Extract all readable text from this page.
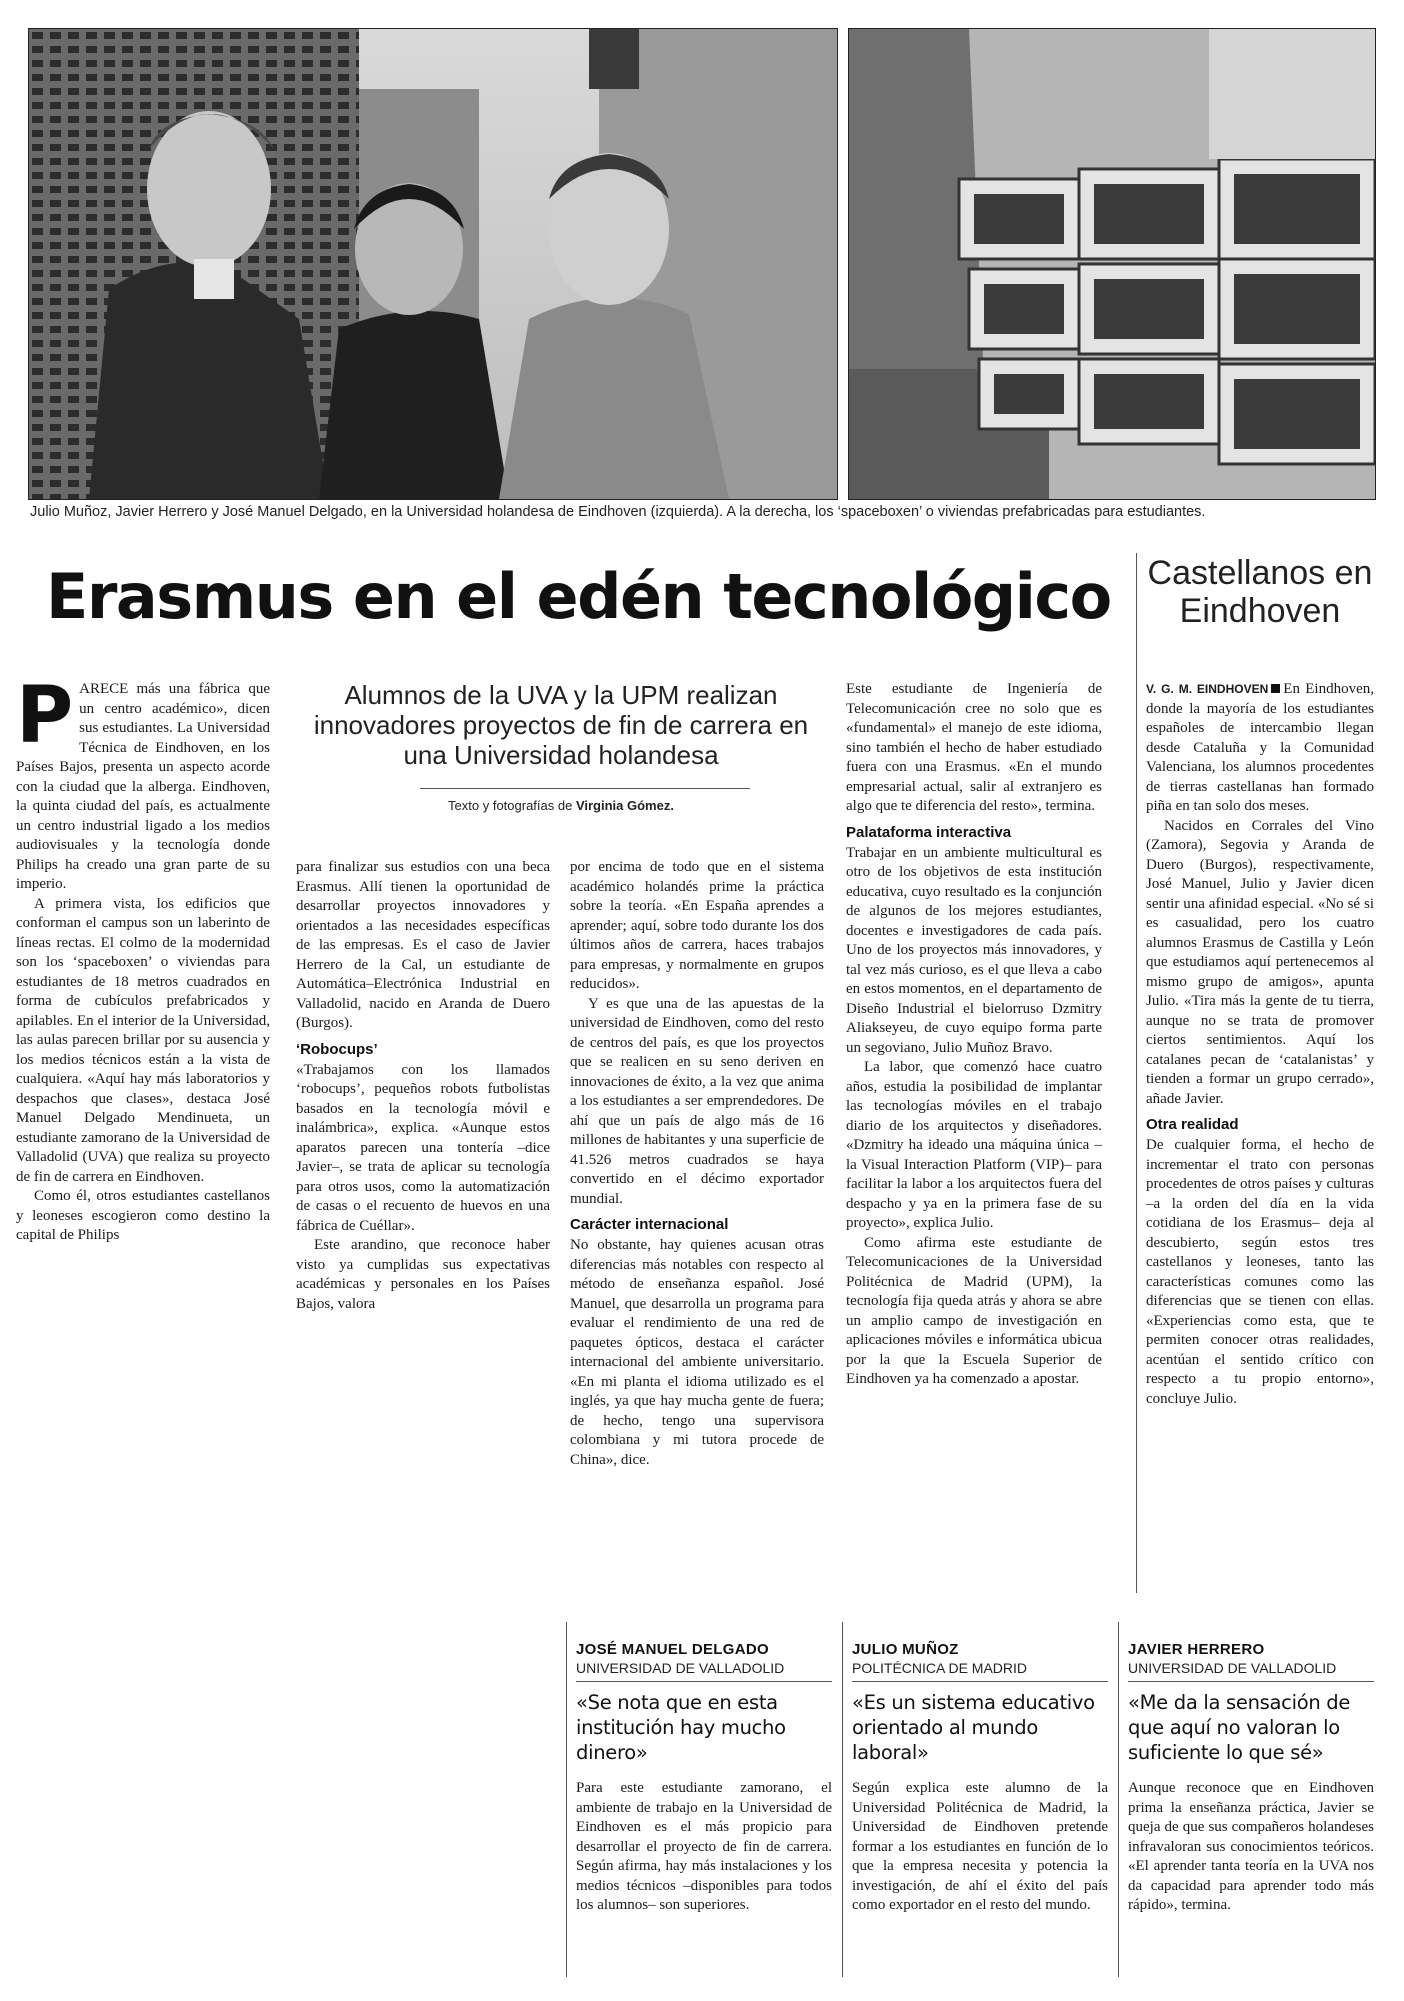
Julio Muñoz, Javier Herrero y José Manuel Delgado, en la Universidad holandesa de Eindhoven (izquierda). A la derecha, los ‘spaceboxen’ o viviendas prefabricadas para estudiantes.
Erasmus en el edén tecnológico Castellanos en Eindhoven
Alumnos de la UVA y la UPM realizan innovadores proyectos de fin de carrera en una Universidad holandesa
Texto y fotografías de Virginia Gómez.

PARECE más una fábrica que un centro académico», dicen sus estudiantes. La Universidad Técnica de Eindhoven, en los Países Bajos, presenta un aspecto acorde con la ciudad que la alberga. Eindhoven, la quinta ciudad del país, es actualmente un centro industrial ligado a los medios audiovisuales y la tecnología donde Philips ha creado una gran parte de su imperio.

A primera vista, los edificios que conforman el campus son un laberinto de líneas rectas. El colmo de la modernidad son los ‘spaceboxen’ o viviendas para estudiantes de 18 metros cuadrados en forma de cubículos prefabricados y apilables. En el interior de la Universidad, las aulas parecen brillar por su ausencia y los medios técnicos están a la vista de cualquiera. «Aquí hay más laboratorios y despachos que clases», destaca José Manuel Delgado Mendinueta, un estudiante zamorano de la Universidad de Valladolid (UVA) que realiza su proyecto de fin de carrera en Eindhoven.

Como él, otros estudiantes castellanos y leoneses escogieron como destino la capital de Philips

para finalizar sus estudios con una beca Erasmus. Allí tienen la oportunidad de desarrollar proyectos innovadores y orientados a las necesidades específicas de las empresas. Es el caso de Javier Herrero de la Cal, un estudiante de Automática–Electrónica Industrial en Valladolid, nacido en Aranda de Duero (Burgos).

‘Robocups’

«Trabajamos con los llamados ‘robocups’, pequeños robots futbolistas basados en la tecnología móvil e inalámbrica», explica. «Aunque estos aparatos parecen una tontería –dice Javier–, se trata de aplicar su tecnología para otros usos, como la automatización de casas o el recuento de huevos en una fábrica de Cuéllar».

Este arandino, que reconoce haber visto ya cumplidas sus expectativas académicas y personales en los Países Bajos, valora

por encima de todo que en el sistema académico holandés prime la práctica sobre la teoría. «En España aprendes a aprender; aquí, sobre todo durante los dos últimos años de carrera, haces trabajos para empresas, y normalmente en grupos reducidos».

Y es que una de las apuestas de la universidad de Eindhoven, como del resto de centros del país, es que los proyectos que se realicen en su seno deriven en innovaciones de éxito, a la vez que anima a los estudiantes a ser emprendedores. De ahí que un país de algo más de 16 millones de habitantes y una superficie de 41.526 metros cuadrados se haya convertido en el décimo exportador mundial.

Carácter internacional

No obstante, hay quienes acusan otras diferencias más notables con respecto al método de enseñanza español. José Manuel, que desarrolla un programa para evaluar el rendimiento de una red de paquetes ópticos, destaca el carácter internacional del ambiente universitario. «En mi planta el idioma utilizado es el inglés, ya que hay mucha gente de fuera; de hecho, tengo una supervisora colombiana y mi tutora procede de China», dice.

Este estudiante de Ingeniería de Telecomunicación cree no solo que es «fundamental» el manejo de este idioma, sino también el hecho de haber estudiado fuera con una Erasmus. «En el mundo empresarial actual, salir al extranjero es algo que te diferencia del resto», termina.

Palataforma interactiva

Trabajar en un ambiente multicultural es otro de los objetivos de esta institución educativa, cuyo resultado es la conjunción de algunos de los mejores estudiantes, docentes e investigadores de cada país. Uno de los proyectos más innovadores, y tal vez más curioso, es el que lleva a cabo en estos momentos, en el departamento de Diseño Industrial el bielorruso Dzmitry Aliakseyeu, de cuyo equipo forma parte un segoviano, Julio Muñoz Bravo.

La labor, que comenzó hace cuatro años, estudia la posibilidad de implantar las tecnologías móviles en el trabajo diario de los arquitectos y diseñadores. «Dzmitry ha ideado una máquina única –la Visual Interaction Platform (VIP)– para facilitar la labor a los arquitectos fuera del despacho y ya en la primera fase de su proyecto», explica Julio.

Como afirma este estudiante de Telecomunicaciones de la Universidad Politécnica de Madrid (UPM), la tecnología fija queda atrás y ahora se abre un amplio campo de investigación en aplicaciones móviles e informática ubicua por la que la Escuela Superior de Eindhoven ya ha comenzado a apostar.

V. G. M. EINDHOVEN En Eindhoven, donde la mayoría de los estudiantes españoles de intercambio llegan desde Cataluña y la Comunidad Valenciana, los alumnos procedentes de tierras castellanas han formado piña en tan solo dos meses.

Nacidos en Corrales del Vino (Zamora), Segovia y Aranda de Duero (Burgos), respectivamente, José Manuel, Julio y Javier dicen sentir una afinidad especial. «No sé si es casualidad, pero los cuatro alumnos Erasmus de Castilla y León que estudiamos aquí pertenecemos al mismo grupo de amigos», apunta Julio. «Tira más la gente de tu tierra, aunque no se trata de promover ciertos sentimientos. Aquí los catalanes pecan de ‘catalanistas’ y tienden a formar un grupo cerrado», añade Javier.

Otra realidad

De cualquier forma, el hecho de incrementar el trato con personas procedentes de otros países y culturas –a la orden del día en la vida cotidiana de los Erasmus– deja al descubierto, según estos tres castellanos y leoneses, tanto las características comunes como las diferencias que se tienen con ellas. «Experiencias como esta, que te permiten conocer otras realidades, acentúan el sentido crítico con respecto a tu propio entorno», concluye Julio.

JOSÉ MANUEL DELGADO
UNIVERSIDAD DE VALLADOLID
«Se nota que en esta institución hay mucho dinero»
Para este estudiante zamorano, el ambiente de trabajo en la Universidad de Eindhoven es el más propicio para desarrollar el proyecto de fin de carrera. Según afirma, hay más instalaciones y los medios técnicos –disponibles para todos los alumnos– son superiores.
JULIO MUÑOZ
POLITÉCNICA DE MADRID
«Es un sistema educativo orientado al mundo laboral»
Según explica este alumno de la Universidad Politécnica de Madrid, la Universidad de Eindhoven pretende formar a los estudiantes en función de lo que la empresa necesita y potencia la investigación, de ahí el éxito del país como exportador en el resto del mundo.
JAVIER HERRERO
UNIVERSIDAD DE VALLADOLID
«Me da la sensación de que aquí no valoran lo suficiente lo que sé»
Aunque reconoce que en Eindhoven prima la enseñanza práctica, Javier se queja de que sus compañeros holandeses infravaloran sus conocimientos teóricos. «El aprender tanta teoría en la UVA nos da capacidad para aprender todo más rápido», termina.
